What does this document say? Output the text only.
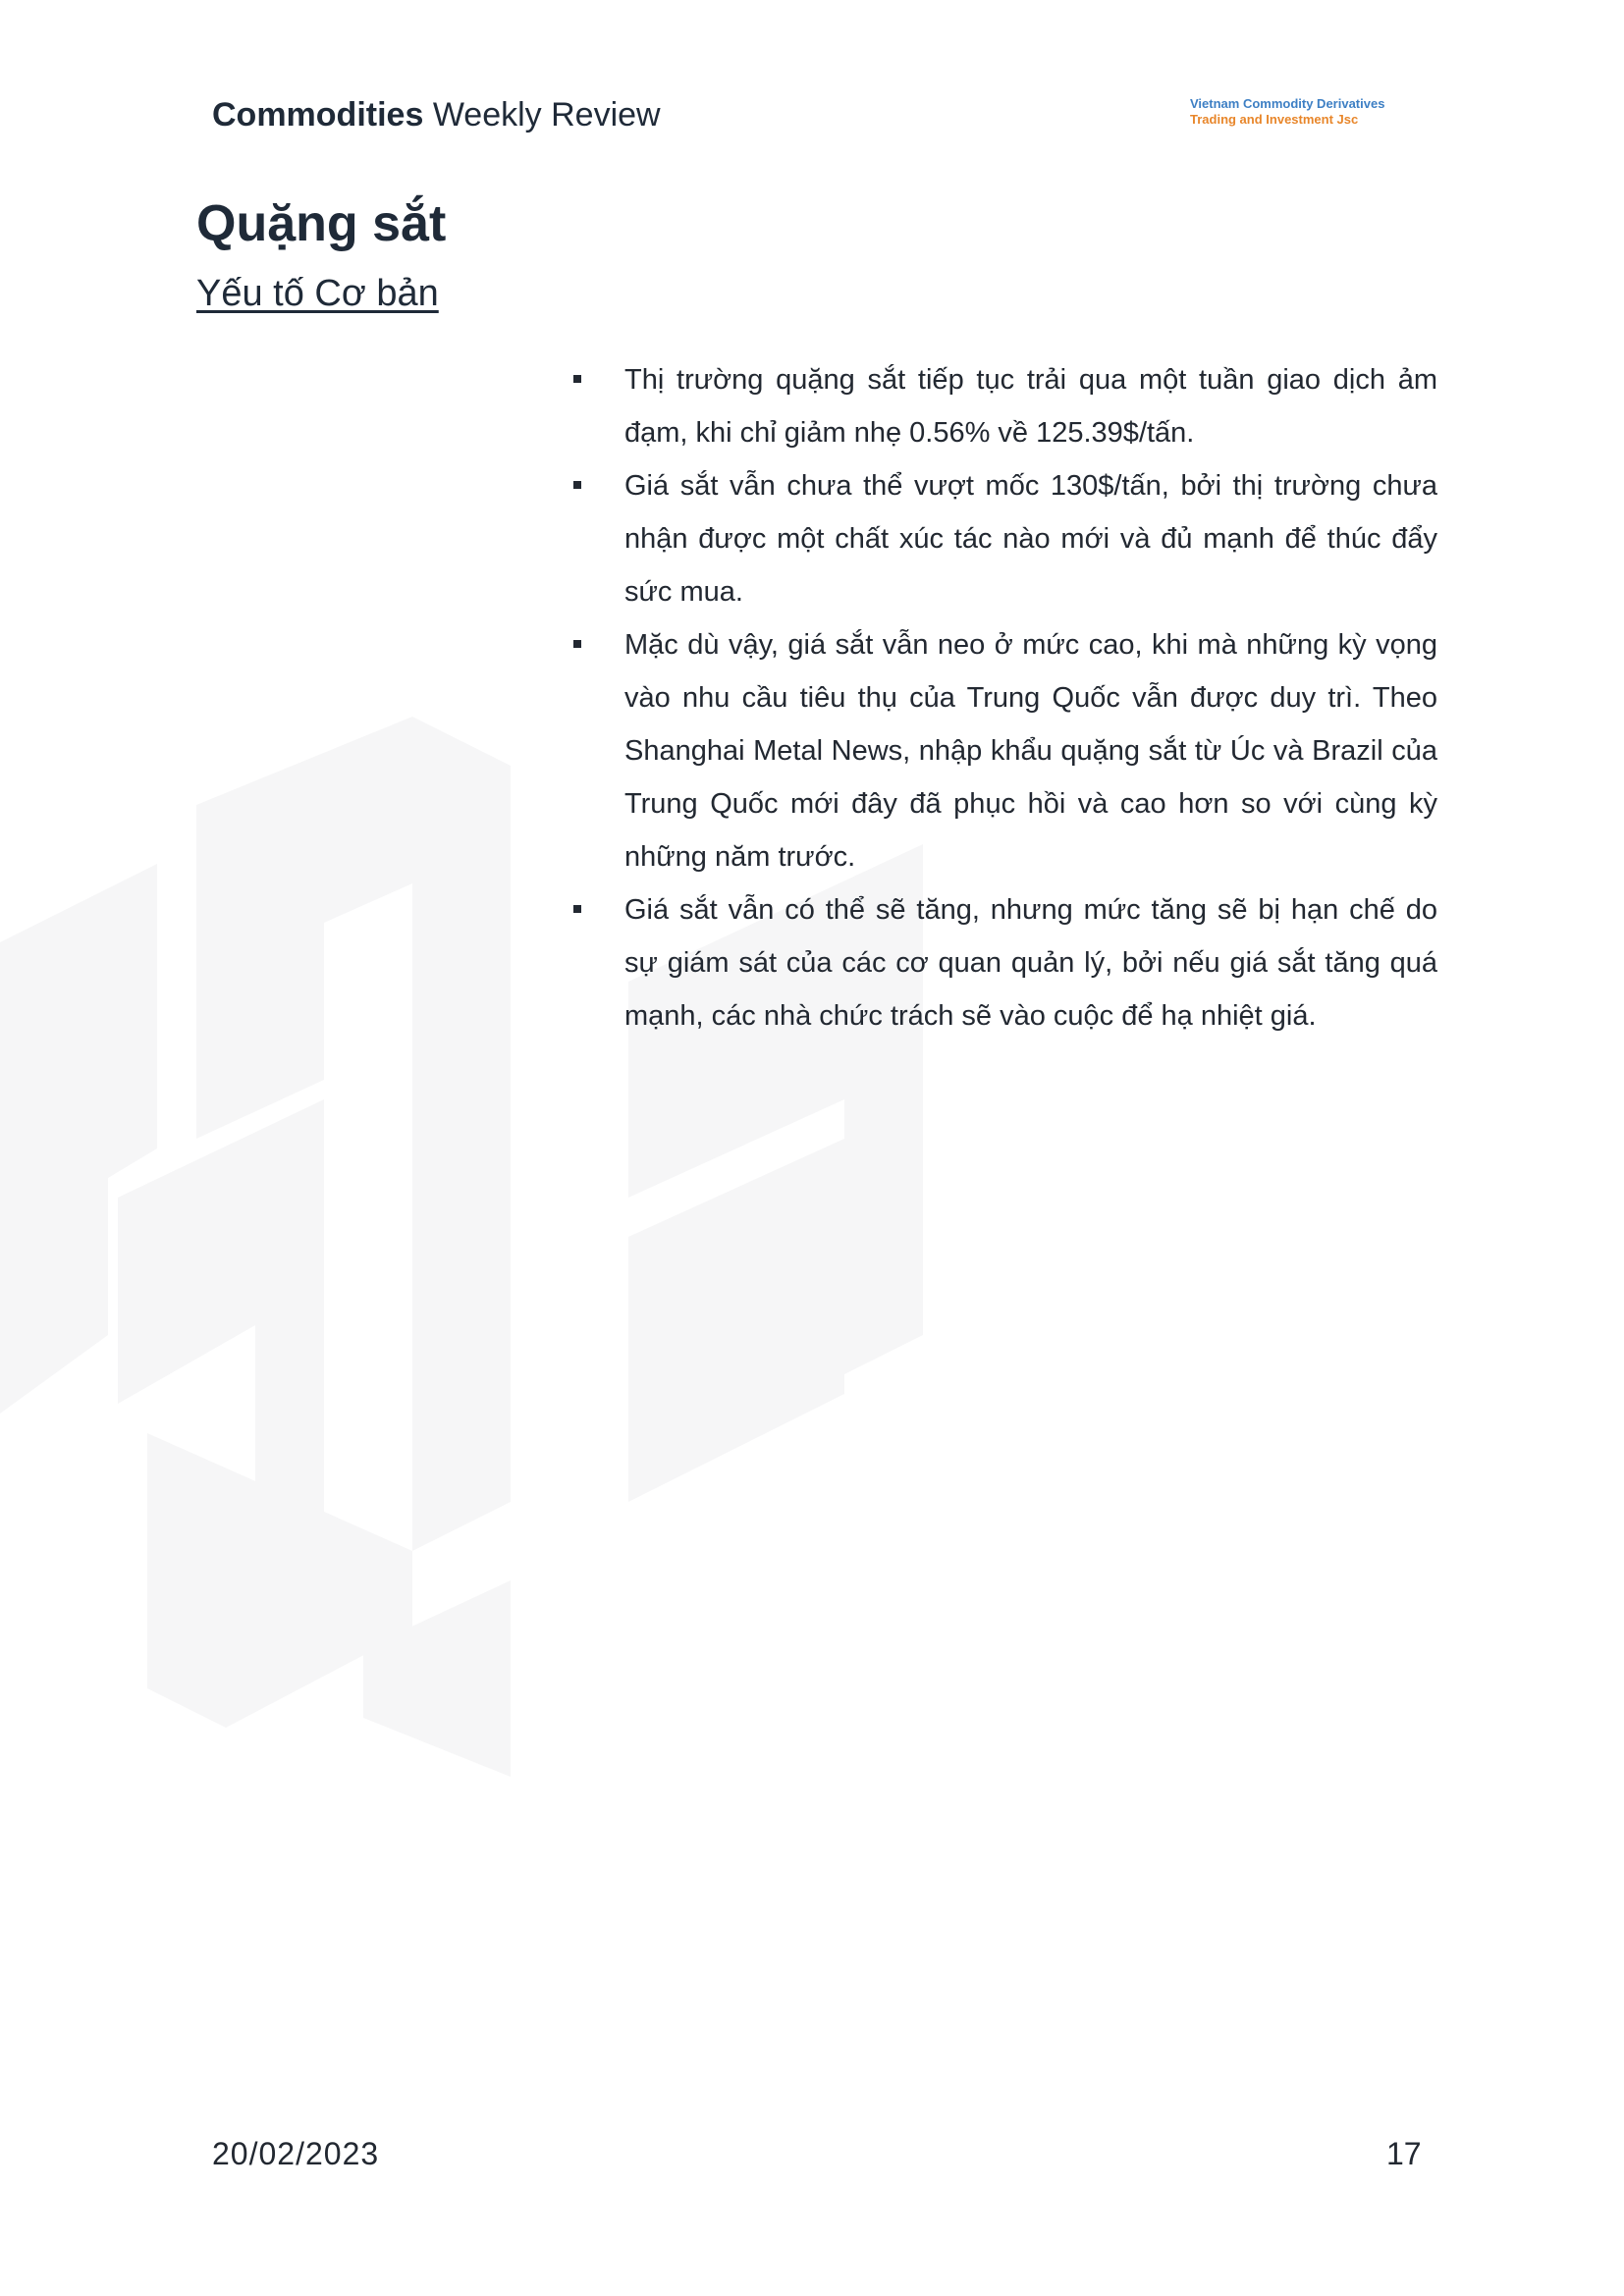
Commodities Weekly Review	Vietnam Commodity Derivatives
Trading and Investment Jsc
Quặng sắt
Yếu tố Cơ bản
Thị trường quặng sắt tiếp tục trải qua một tuần giao dịch ảm đạm, khi chỉ giảm nhẹ 0.56% về 125.39$/tấn.
Giá sắt vẫn chưa thể vượt mốc 130$/tấn, bởi thị trường chưa nhận được một chất xúc tác nào mới và đủ mạnh để thúc đẩy sức mua.
Mặc dù vậy, giá sắt vẫn neo ở mức cao, khi mà những kỳ vọng vào nhu cầu tiêu thụ của Trung Quốc vẫn được duy trì. Theo Shanghai Metal News, nhập khẩu quặng sắt từ Úc và Brazil của Trung Quốc mới đây đã phục hồi và cao hơn so với cùng kỳ những năm trước.
Giá sắt vẫn có thể sẽ tăng, nhưng mức tăng sẽ bị hạn chế do sự giám sát của các cơ quan quản lý, bởi nếu giá sắt tăng quá mạnh, các nhà chức trách sẽ vào cuộc để hạ nhiệt giá.
20/02/2023	17
